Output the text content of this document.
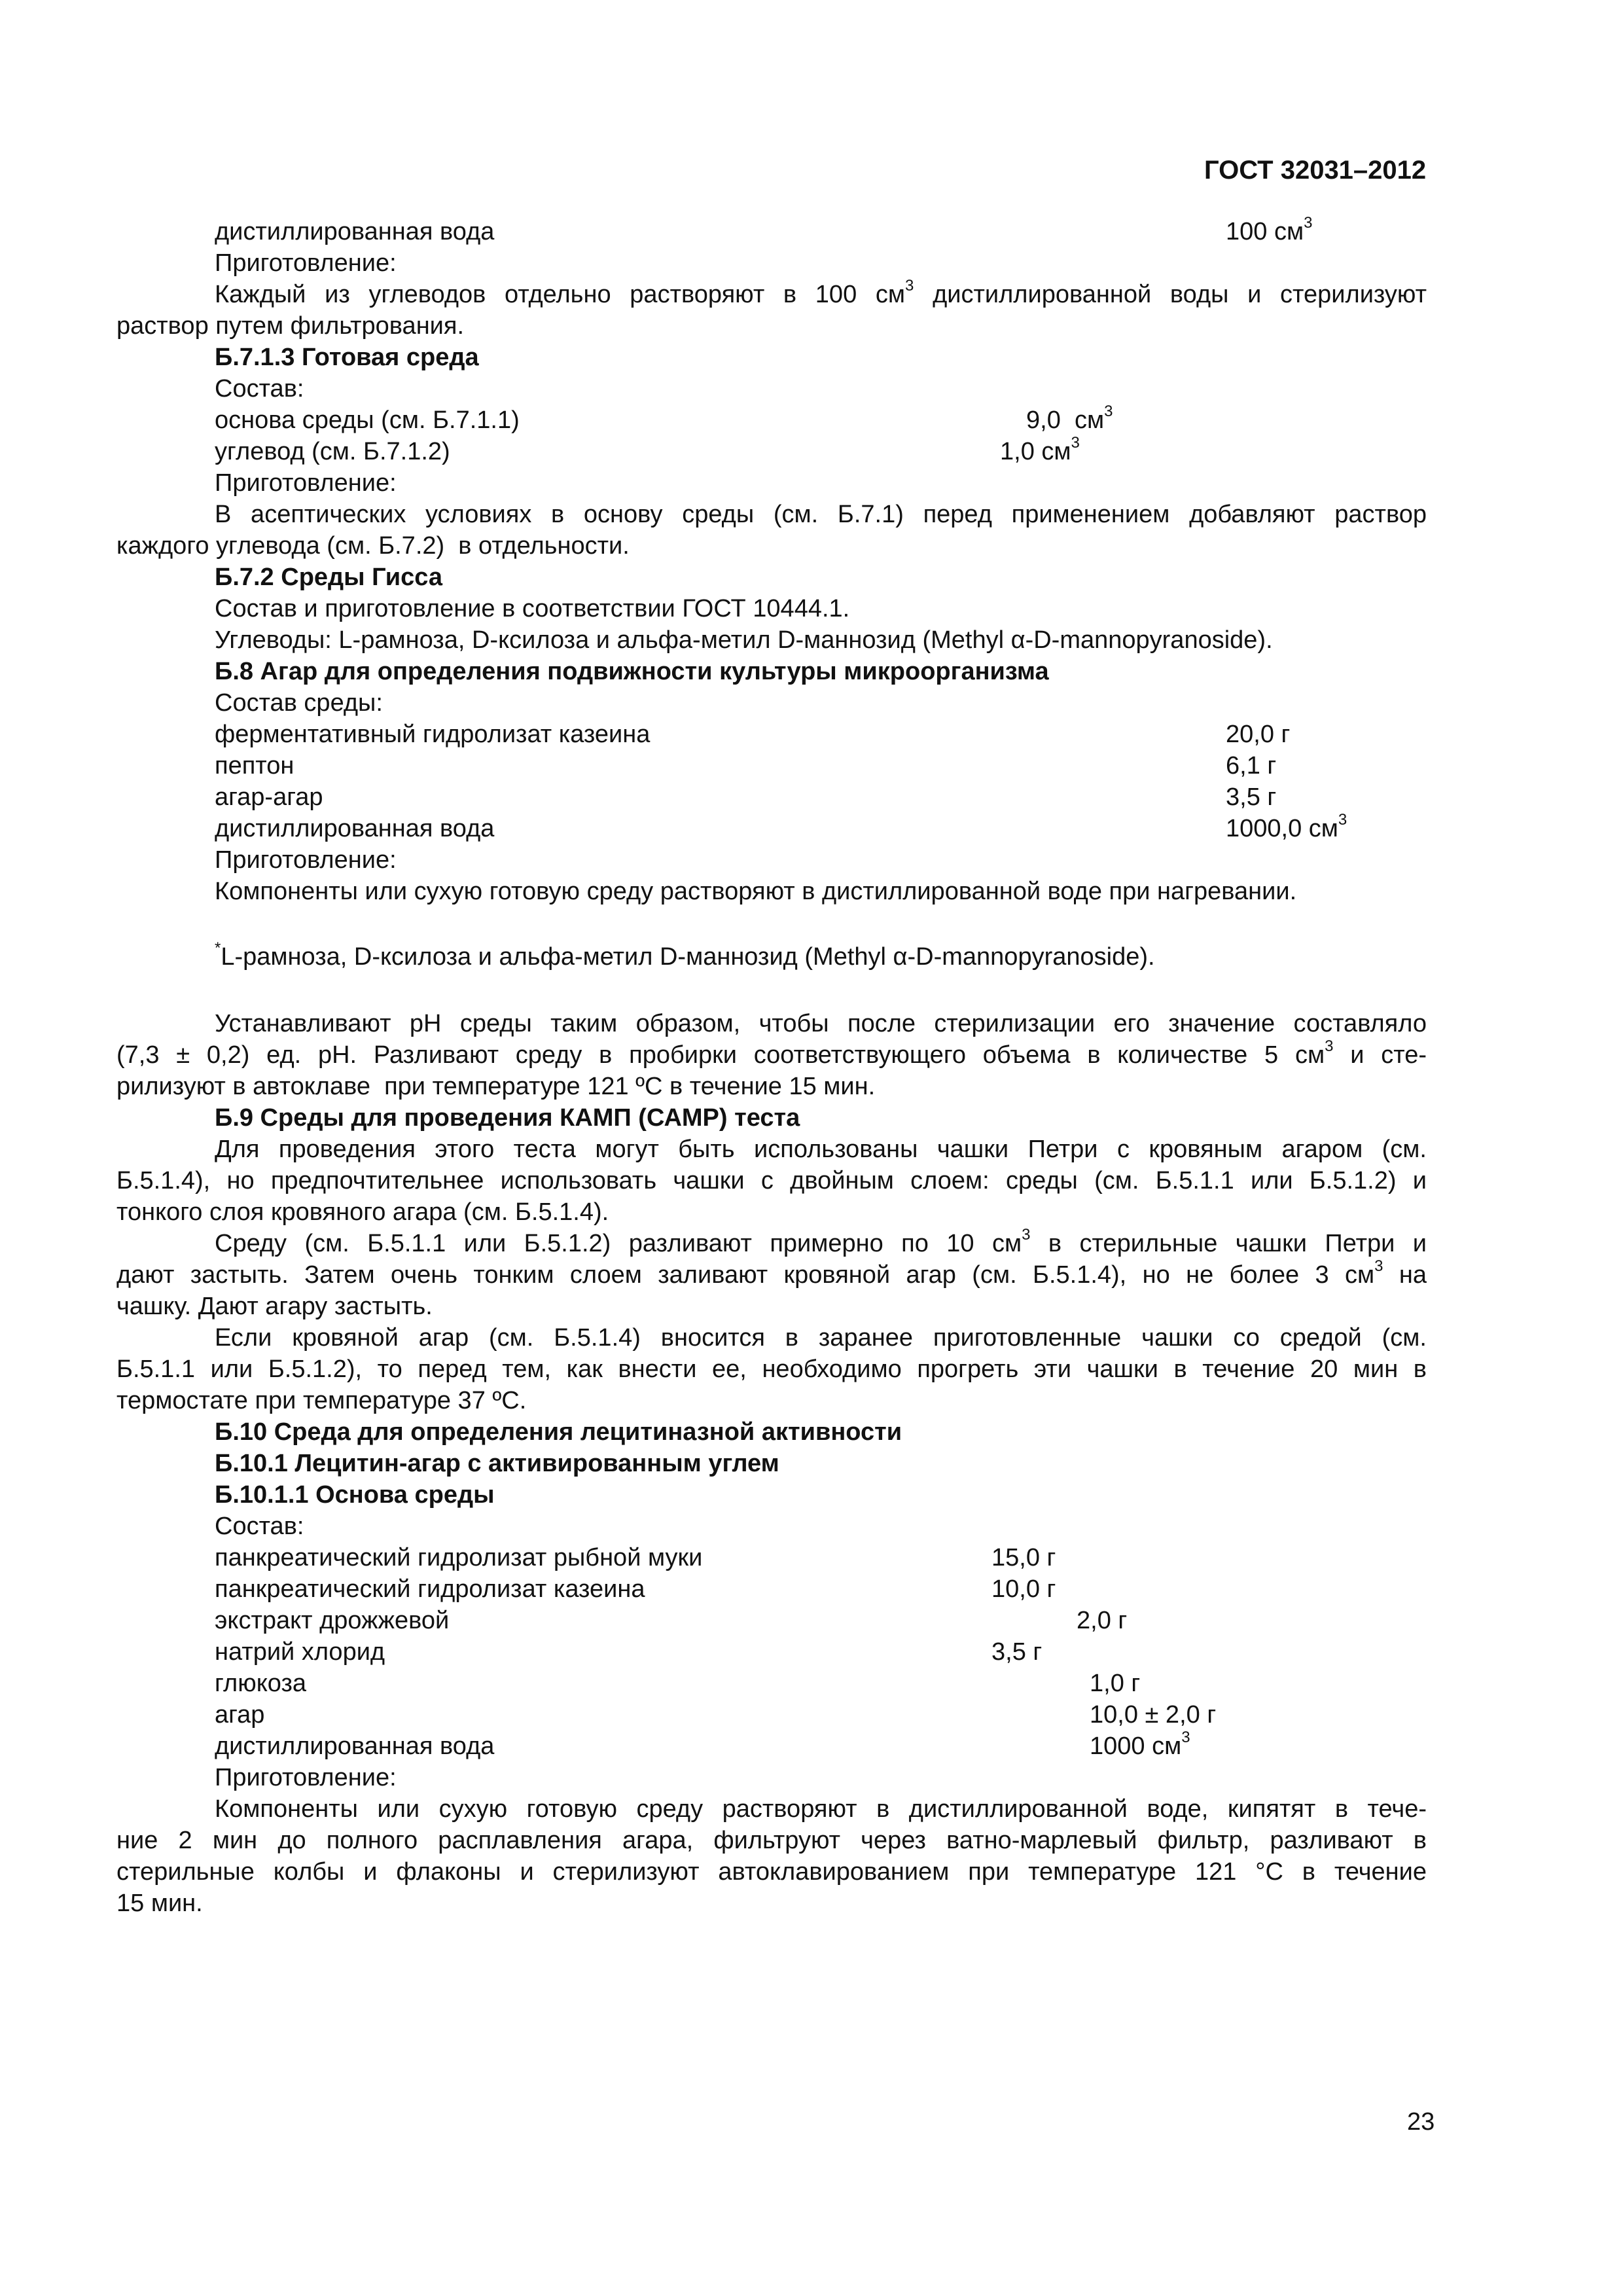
ГОСТ 32031–2012
дистиллированная вода	100 $см^3$
Приготовление:
Каждый из углеводов отдельно растворяют в 100 $см^3$ дистиллированной воды и стерилизуют
раствор путем фильтрования.
Б.7.1.3 Готовая среда
Состав:
основа среды (см. Б.7.1.1)	9,0  $см^3$
углевод (см. Б.7.1.2)	1,0 $см^3$
Приготовление:
В асептических условиях в основу среды (см. Б.7.1) перед применением добавляют раствор
каждого углевода (см. Б.7.2)  в отдельности.
Б.7.2 Среды Гисса
Состав и приготовление в соответствии ГОСТ 10444.1.
Углеводы: L-рамноза, D-ксилоза и альфа-метил D-маннозид (Methyl α-D-mannopyranoside).
Б.8 Агар для определения подвижности культуры микроорганизма
Состав среды:
ферментативный гидролизат казеина	20,0 г
пептон	6,1 г
агар-агар	3,5 г
дистиллированная вода	1000,0 $см^3$
Приготовление:
Компоненты или сухую готовую среду растворяют в дистиллированной воде при нагревании.
*L-рамноза, D-ксилоза и альфа-метил D-маннозид (Methyl α-D-mannopyranoside).
Устанавливают рН среды таким образом, чтобы после стерилизации его значение составляло
(7,3 ± 0,2) ед. рН. Разливают среду в пробирки соответствующего объема в количестве 5 $см^3$ и сте-
рилизуют в автоклаве  при температуре 121 ºС в течение 15 мин.
Б.9 Среды для проведения КАМП (САМР) теста
Для проведения этого теста могут быть использованы чашки Петри с кровяным агаром (см.
Б.5.1.4), но предпочтительнее использовать чашки с двойным слоем: среды (см. Б.5.1.1 или Б.5.1.2) и
тонкого слоя кровяного агара (см. Б.5.1.4).
Среду (см. Б.5.1.1 или Б.5.1.2) разливают примерно по 10 $см^3$ в стерильные чашки Петри и
дают застыть. Затем очень тонким слоем заливают кровяной агар (см. Б.5.1.4), но не более 3 $см^3$ на
чашку. Дают агару застыть.
Если кровяной агар (см. Б.5.1.4) вносится в заранее приготовленные чашки со средой (см.
Б.5.1.1 или Б.5.1.2), то перед тем, как внести ее, необходимо прогреть эти чашки в течение 20 мин в
термостате при температуре 37 ºС.
Б.10 Среда для определения лецитиназной активности
Б.10.1 Лецитин-агар с активированным углем
Б.10.1.1 Основа среды
Состав:
панкреатический гидролизат рыбной муки	15,0 г
панкреатический гидролизат казеина	10,0 г
экстракт дрожжевой	2,0 г
натрий хлорид	3,5 г
глюкоза	1,0 г
агар	10,0 ± 2,0 г
дистиллированная вода	1000 $см^3$
Приготовление:
Компоненты или сухую готовую среду растворяют в дистиллированной воде, кипятят в тече-
ние 2 мин до полного расплавления агара, фильтруют через ватно-марлевый фильтр, разливают в
стерильные колбы и флаконы и стерилизуют автоклавированием при температуре 121 °С в течение
15 мин.
23
